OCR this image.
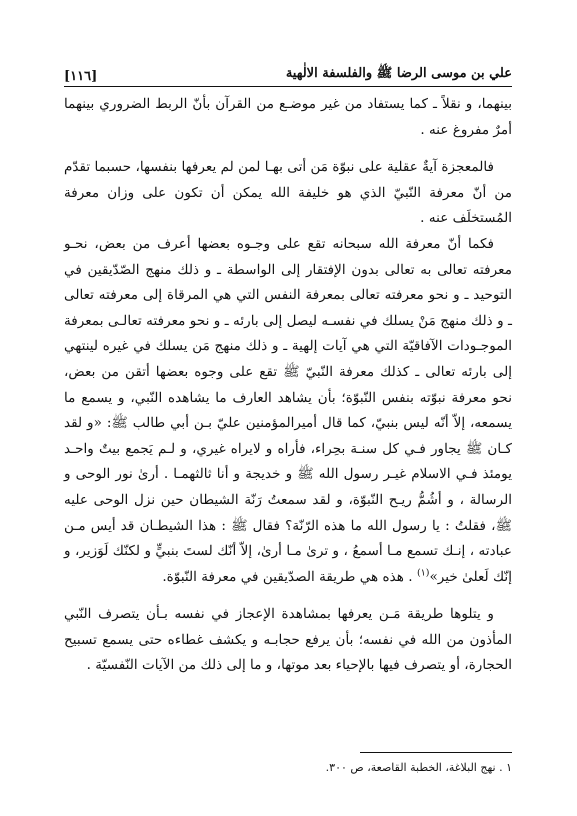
علي بن موسى الرضا ﷺ والفلسفة الالٰهية
[١١٦]

بينهما، و نقلاً ـ كما يستفاد من غير موضـع من القرآن بأنّ الربط الضروري بينهما أمرٌ مفروغ عنه .

فالمعجزة آيةٌ عقلية على نبوّة مَن أتى بهـا لمن لم يعرفها بنفسها، حسبما تقدّم من أنّ معرفة النّبيّ الذي هو خليفة الله يمكن أن تكون على وزان معرفة المُستخلَف عنه .

فكما أنّ معرفة الله سبحانه تقع على وجـوه بعضها أعرف من بعض، نحـو معرفته تعالى به تعالى بدون الإفتقار إلى الواسطة ـ و ذلك منهج الصّدّيقين في التوحيد ـ و نحو معرفته تعالى بمعرفة النفس التي هي المرقاة إلى معرفته تعالى ـ و ذلك منهج مَنْ يسلك في نفسـه ليصل إلى بارئه ـ و نحو معرفته تعالـى بمعرفة الموجـودات الآفاقيّة التي هي آيات إلهية ـ و ذلك منهج مَن يسلك في غيره لينتهي إلى بارئه تعالى ـ كذلك معرفة النّبيّ ﷺ تقع على وجوه بعضها أتقن من بعض، نحو معرفة نبوّته بنفس النّبوّة؛ بأن يشاهد العارف ما يشاهده النّبي، و يسمع ما يسمعه، إلاّ أنّه ليس بنبيّ، كما قال أميرالمؤمنين عليّ بـن أبي طالب ﷺ: «و لقد كـان ﷺ يجاور فـي كل سنـة بحِراء، فأراه و لايراه غيري، و لـم يَجمع بيتٌ واحـد يومئذ فـي الاسلام غيـر رسول الله ﷺ و خديجة و أنا ثالثهمـا . أرىٰ نور الوحى و الرسالة ، و أشُمُّ ريـح النّبوّة، و لقد سمعتُ رَنّة الشيطان حين نزل الوحى عليه ﷺ، فقلتُ : يا رسول الله ما هذه الرّنّة؟ فقال ﷺ : هذا الشيطـان قد أيس مـن عبادته ، إنـك تسمع مـا أسمعُ ، و ترىٰ مـا أرىٰ، إلاّ أنّك لستَ بنبيٍّ و لكنّك لَوَزير، و إنّك لَعلىٰ خير»$^{(١)}$ . هذه هي طريقة الصدّيقين في معرفة النّبوّة.

و يتلوها طريقة مَـن يعرفها بمشاهدة الإعجاز في نفسه بـأن يتصرف النّبي المأذون من الله في نفسه؛ بأن يرفع حجابـه و يكشف غطاءه حتى يسمع تسبيح الحجارة، أو يتصرف فيها بالإحياء بعد موتها، و ما إلى ذلك من الآيات النّفسيّة .

١ . نهج البلاغة، الخطبة القاصعة، ص ٣٠٠.
